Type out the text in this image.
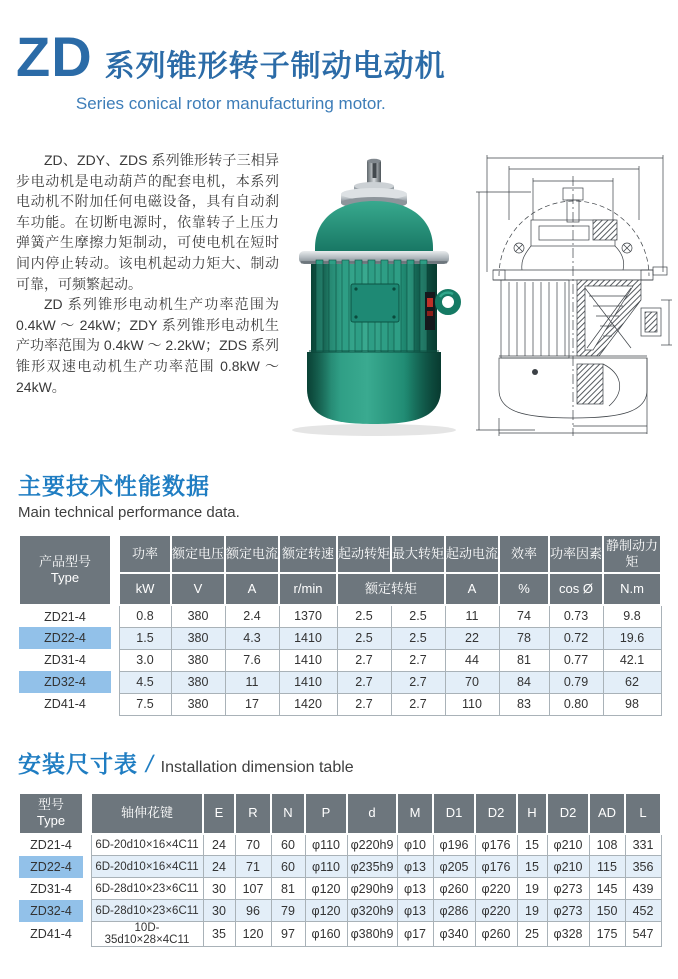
ZD 系列锥形转子制动电动机
Series conical rotor manufacturing motor.

ZD、ZDY、ZDS 系列锥形转子三相异步电动机是电动葫芦的配套电机，本系列电动机不附加任何电磁设备，具有自动刹车功能。在切断电源时，依靠转子上压力弹簧产生摩擦力矩制动，可使电机在短时间内停止转动。该电机起动力矩大、制动可靠，可频繁起动。

ZD 系列锥形电动机生产功率范围为 0.4kW ～ 24kW；ZDY 系列锥形电动机生产功率范围为 0.4kW ～ 2.2kW；ZDS 系列锥形双速电动机生产功率范围 0.8kW ～ 24kW。

主要技术性能数据
Main technical performance data.
产品型号
Type		功率	额定电压	额定电流	额定转速	起动转矩	最大转矩	起动电流	效率	功率因素	静制动力矩
		kW	V	A	r/min	额定转矩		A	%	cos Ø	N.m
ZD21-4		0.8	380	2.4	1370	2.5	2.5	11	74	0.73	9.8
ZD22-4		1.5	380	4.3	1410	2.5	2.5	22	78	0.72	19.6
ZD31-4		3.0	380	7.6	1410	2.7	2.7	44	81	0.77	42.1
ZD32-4		4.5	380	11	1410	2.7	2.7	70	84	0.79	62
ZD41-4		7.5	380	17	1420	2.7	2.7	110	83	0.80	98
安装尺寸表 / Installation dimension table
型号
Type		轴伸花键	E	R	N	P	d	M	D1	D2	H	D2	AD	L
ZD21-4		6D-20d10×16×4C11	24	70	60	φ110	φ220h9	φ10	φ196	φ176	15	φ210	108	331
ZD22-4		6D-20d10×16×4C11	24	71	60	φ110	φ235h9	φ13	φ205	φ176	15	φ210	115	356
ZD31-4		6D-28d10×23×6C11	30	107	81	φ120	φ290h9	φ13	φ260	φ220	19	φ273	145	439
ZD32-4		6D-28d10×23×6C11	30	96	79	φ120	φ320h9	φ13	φ286	φ220	19	φ273	150	452
ZD41-4		10D-35d10×28×4C11	35	120	97	φ160	φ380h9	φ17	φ340	φ260	25	φ328	175	547
